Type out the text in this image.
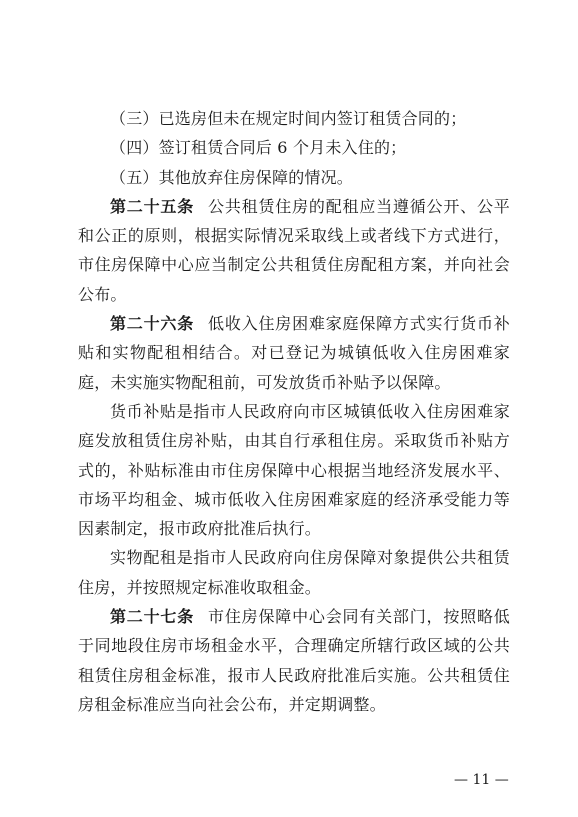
（三）已选房但未在规定时间内签订租赁合同的；

（四）签订租赁合同后 6 个月未入住的；

（五）其他放弃住房保障的情况。

第二十五条 公共租赁住房的配租应当遵循公开、公平和公正的原则，根据实际情况采取线上或者线下方式进行，市住房保障中心应当制定公共租赁住房配租方案，并向社会公布。

第二十六条 低收入住房困难家庭保障方式实行货币补贴和实物配租相结合。对已登记为城镇低收入住房困难家庭，未实施实物配租前，可发放货币补贴予以保障。

货币补贴是指市人民政府向市区城镇低收入住房困难家庭发放租赁住房补贴，由其自行承租住房。采取货币补贴方式的，补贴标准由市住房保障中心根据当地经济发展水平、市场平均租金、城市低收入住房困难家庭的经济承受能力等因素制定，报市政府批准后执行。

实物配租是指市人民政府向住房保障对象提供公共租赁住房，并按照规定标准收取租金。

第二十七条 市住房保障中心会同有关部门，按照略低于同地段住房市场租金水平，合理确定所辖行政区域的公共租赁住房租金标准，报市人民政府批准后实施。公共租赁住房租金标准应当向社会公布，并定期调整。

— 11 —
